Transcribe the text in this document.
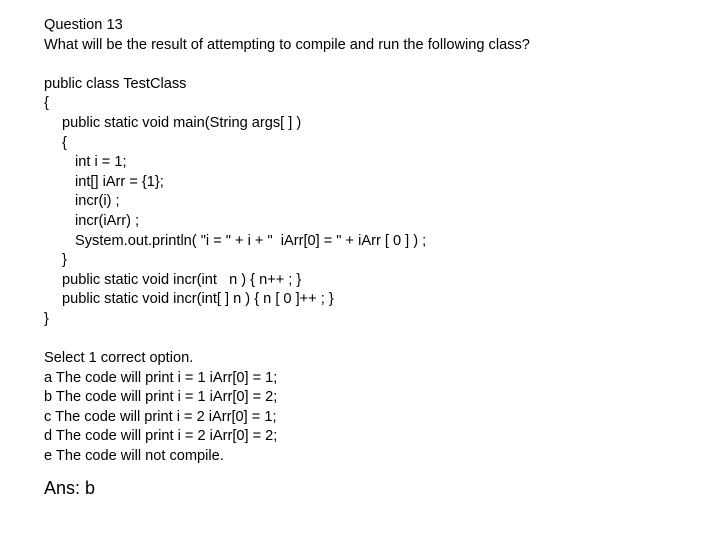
Question 13
What will be the result of attempting to compile and run the following class?
public class TestClass
{
public static void main(String args[ ] )
{
int i = 1;
int[] iArr = {1};
incr(i) ;
incr(iArr) ;
System.out.println( "i = " + i + "  iArr[0] = " + iArr [ 0 ] ) ;
}
public static void incr(int   n ) { n++ ; }
public static void incr(int[ ] n ) { n [ 0 ]++ ; }
}
Select 1 correct option.
a The code will print i = 1 iArr[0] = 1;
b The code will print i = 1 iArr[0] = 2;
c The code will print i = 2 iArr[0] = 1;
d The code will print i = 2 iArr[0] = 2;
e The code will not compile.
Ans: b
